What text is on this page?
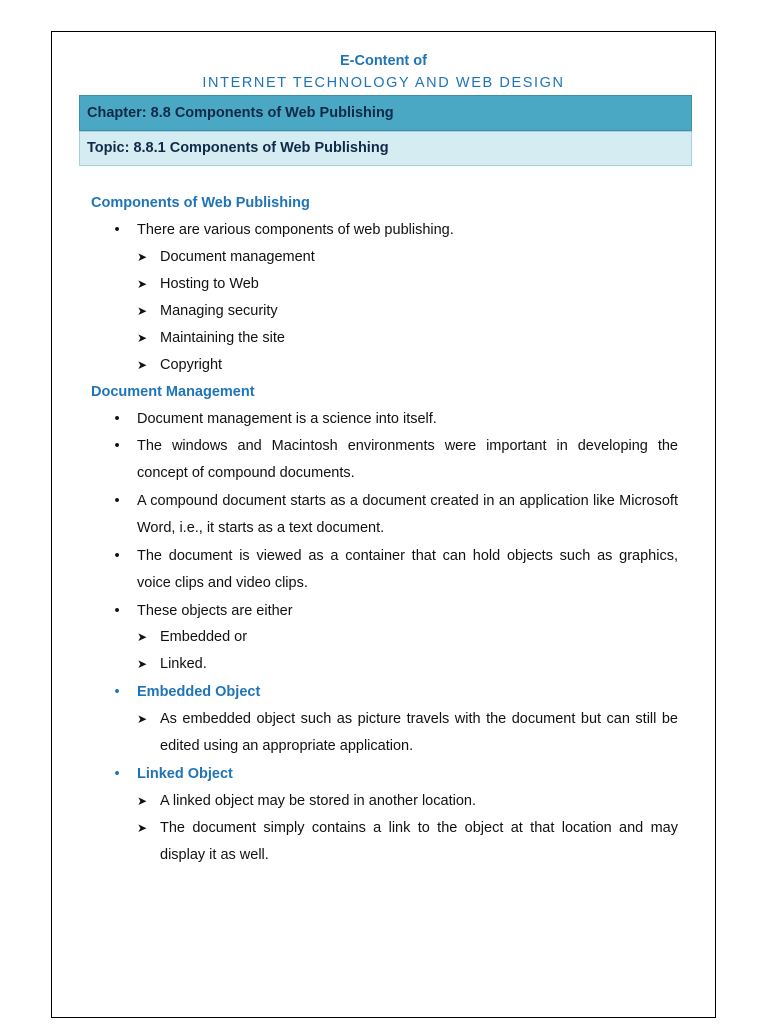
E-Content of
INTERNET TECHNOLOGY AND WEB DESIGN
Chapter: 8.8 Components of Web Publishing
Topic: 8.8.1 Components of Web Publishing
Components of Web Publishing
• There are various components of web publishing.
➤ Document management
➤ Hosting to Web
➤ Managing security
➤ Maintaining the site
➤ Copyright
Document Management
• Document management is a science into itself.
• The windows and Macintosh environments were important in developing the concept of compound documents.
• A compound document starts as a document created in an application like Microsoft Word, i.e., it starts as a text document.
• The document is viewed as a container that can hold objects such as graphics, voice clips and video clips.
• These objects are either
➤ Embedded or
➤ Linked.
• Embedded Object
➤ As embedded object such as picture travels with the document but can still be edited using an appropriate application.
• Linked Object
➤ A linked object may be stored in another location.
➤ The document simply contains a link to the object at that location and may display it as well.
